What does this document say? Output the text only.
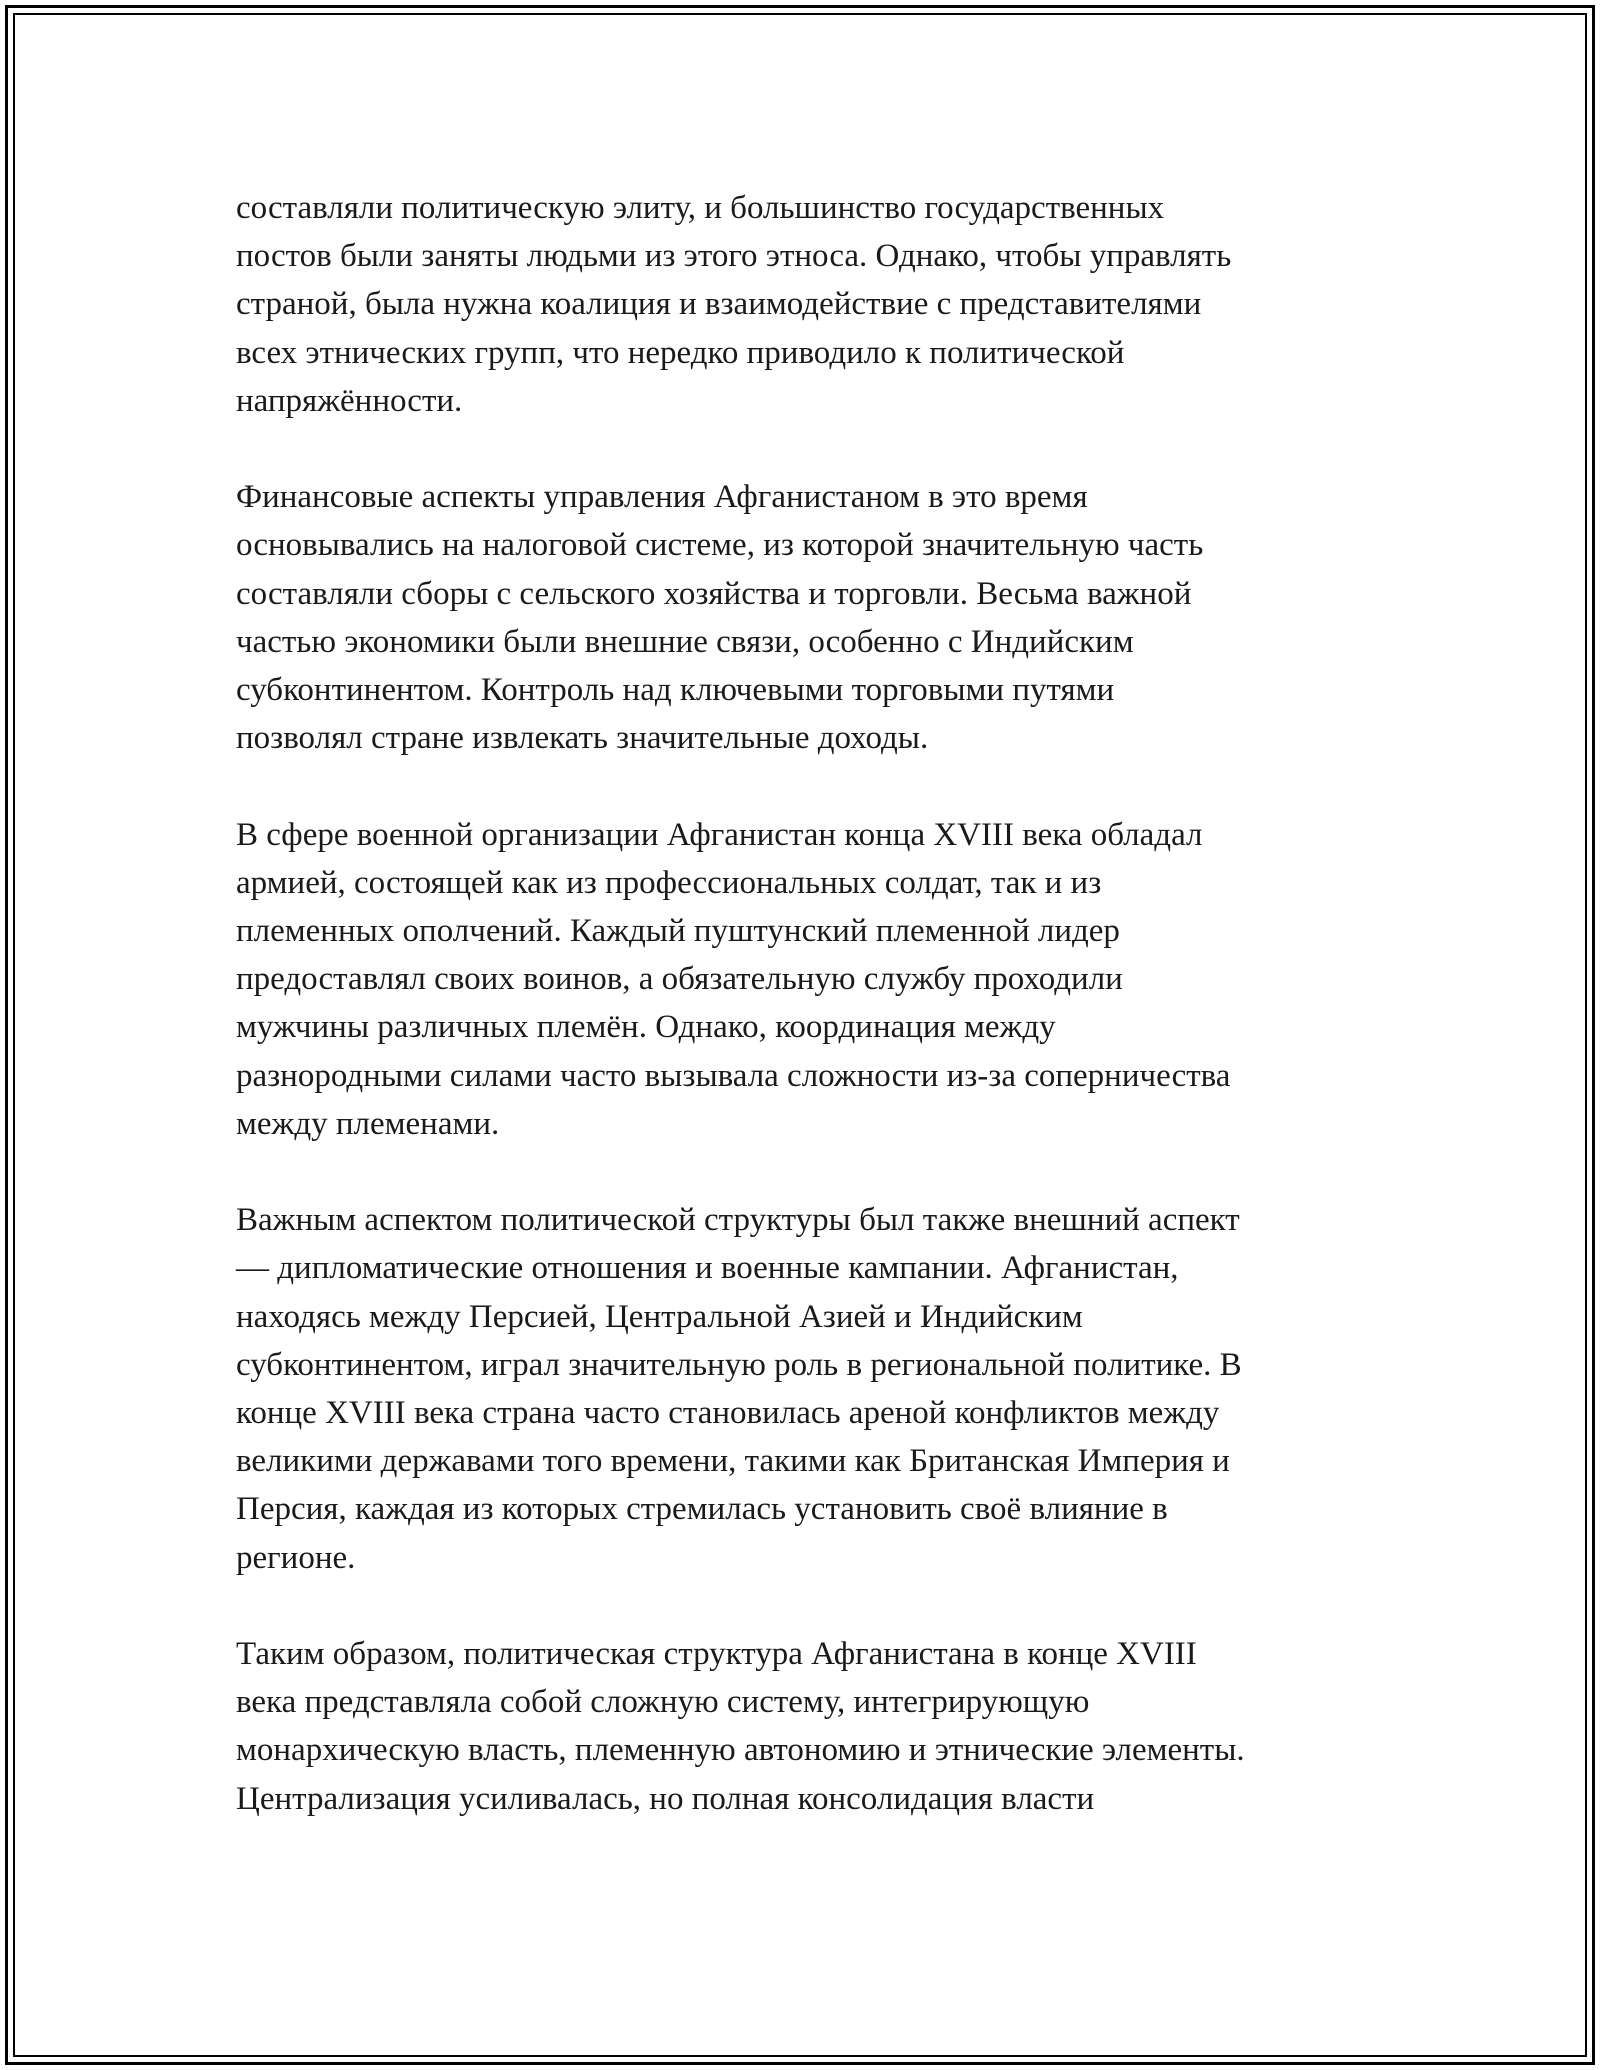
составляли политическую элиту, и большинство государственных
постов были заняты людьми из этого этноса. Однако, чтобы управлять
страной, была нужна коалиция и взаимодействие с представителями
всех этнических групп, что нередко приводило к политической
напряжённости.

Финансовые аспекты управления Афганистаном в это время
основывались на налоговой системе, из которой значительную часть
составляли сборы с сельского хозяйства и торговли. Весьма важной
частью экономики были внешние связи, особенно с Индийским
субконтинентом. Контроль над ключевыми торговыми путями
позволял стране извлекать значительные доходы.

В сфере военной организации Афганистан конца XVIII века обладал
армией, состоящей как из профессиональных солдат, так и из
племенных ополчений. Каждый пуштунский племенной лидер
предоставлял своих воинов, а обязательную службу проходили
мужчины различных племён. Однако, координация между
разнородными силами часто вызывала сложности из-за соперничества
между племенами.

Важным аспектом политической структуры был также внешний аспект
— дипломатические отношения и военные кампании. Афганистан,
находясь между Персией, Центральной Азией и Индийским
субконтинентом, играл значительную роль в региональной политике. В
конце XVIII века страна часто становилась ареной конфликтов между
великими державами того времени, такими как Британская Империя и
Персия, каждая из которых стремилась установить своё влияние в
регионе.

Таким образом, политическая структура Афганистана в конце XVIII
века представляла собой сложную систему, интегрирующую
монархическую власть, племенную автономию и этнические элементы.
Централизация усиливалась, но полная консолидация власти
